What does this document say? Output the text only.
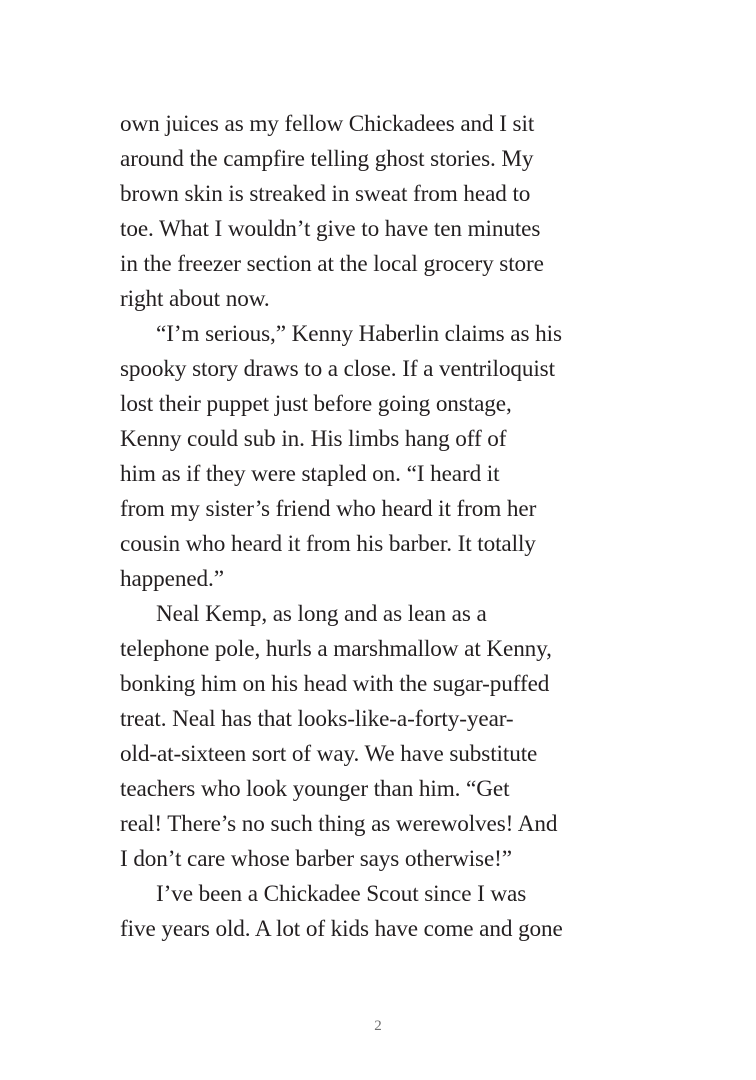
own juices as my fellow Chickadees and I sit
around the campfire telling ghost stories. My
brown skin is streaked in sweat from head to
toe. What I wouldn’t give to have ten minutes
in the freezer section at the local grocery store
right about now.
“I’m serious,” Kenny Haberlin claims as his
spooky story draws to a close. If a ventriloquist
lost their puppet just before going onstage,
Kenny could sub in. His limbs hang off of
him as if they were stapled on. “I heard it
from my sister’s friend who heard it from her
cousin who heard it from his barber. It totally
happened.”
Neal Kemp, as long and as lean as a
telephone pole, hurls a marshmallow at Kenny,
bonking him on his head with the sugar-puffed
treat. Neal has that looks-like-a-forty-year-
old-at-sixteen sort of way. We have substitute
teachers who look younger than him. “Get
real! There’s no such thing as werewolves! And
I don’t care whose barber says otherwise!”
I’ve been a Chickadee Scout since I was
five years old. A lot of kids have come and gone
2
